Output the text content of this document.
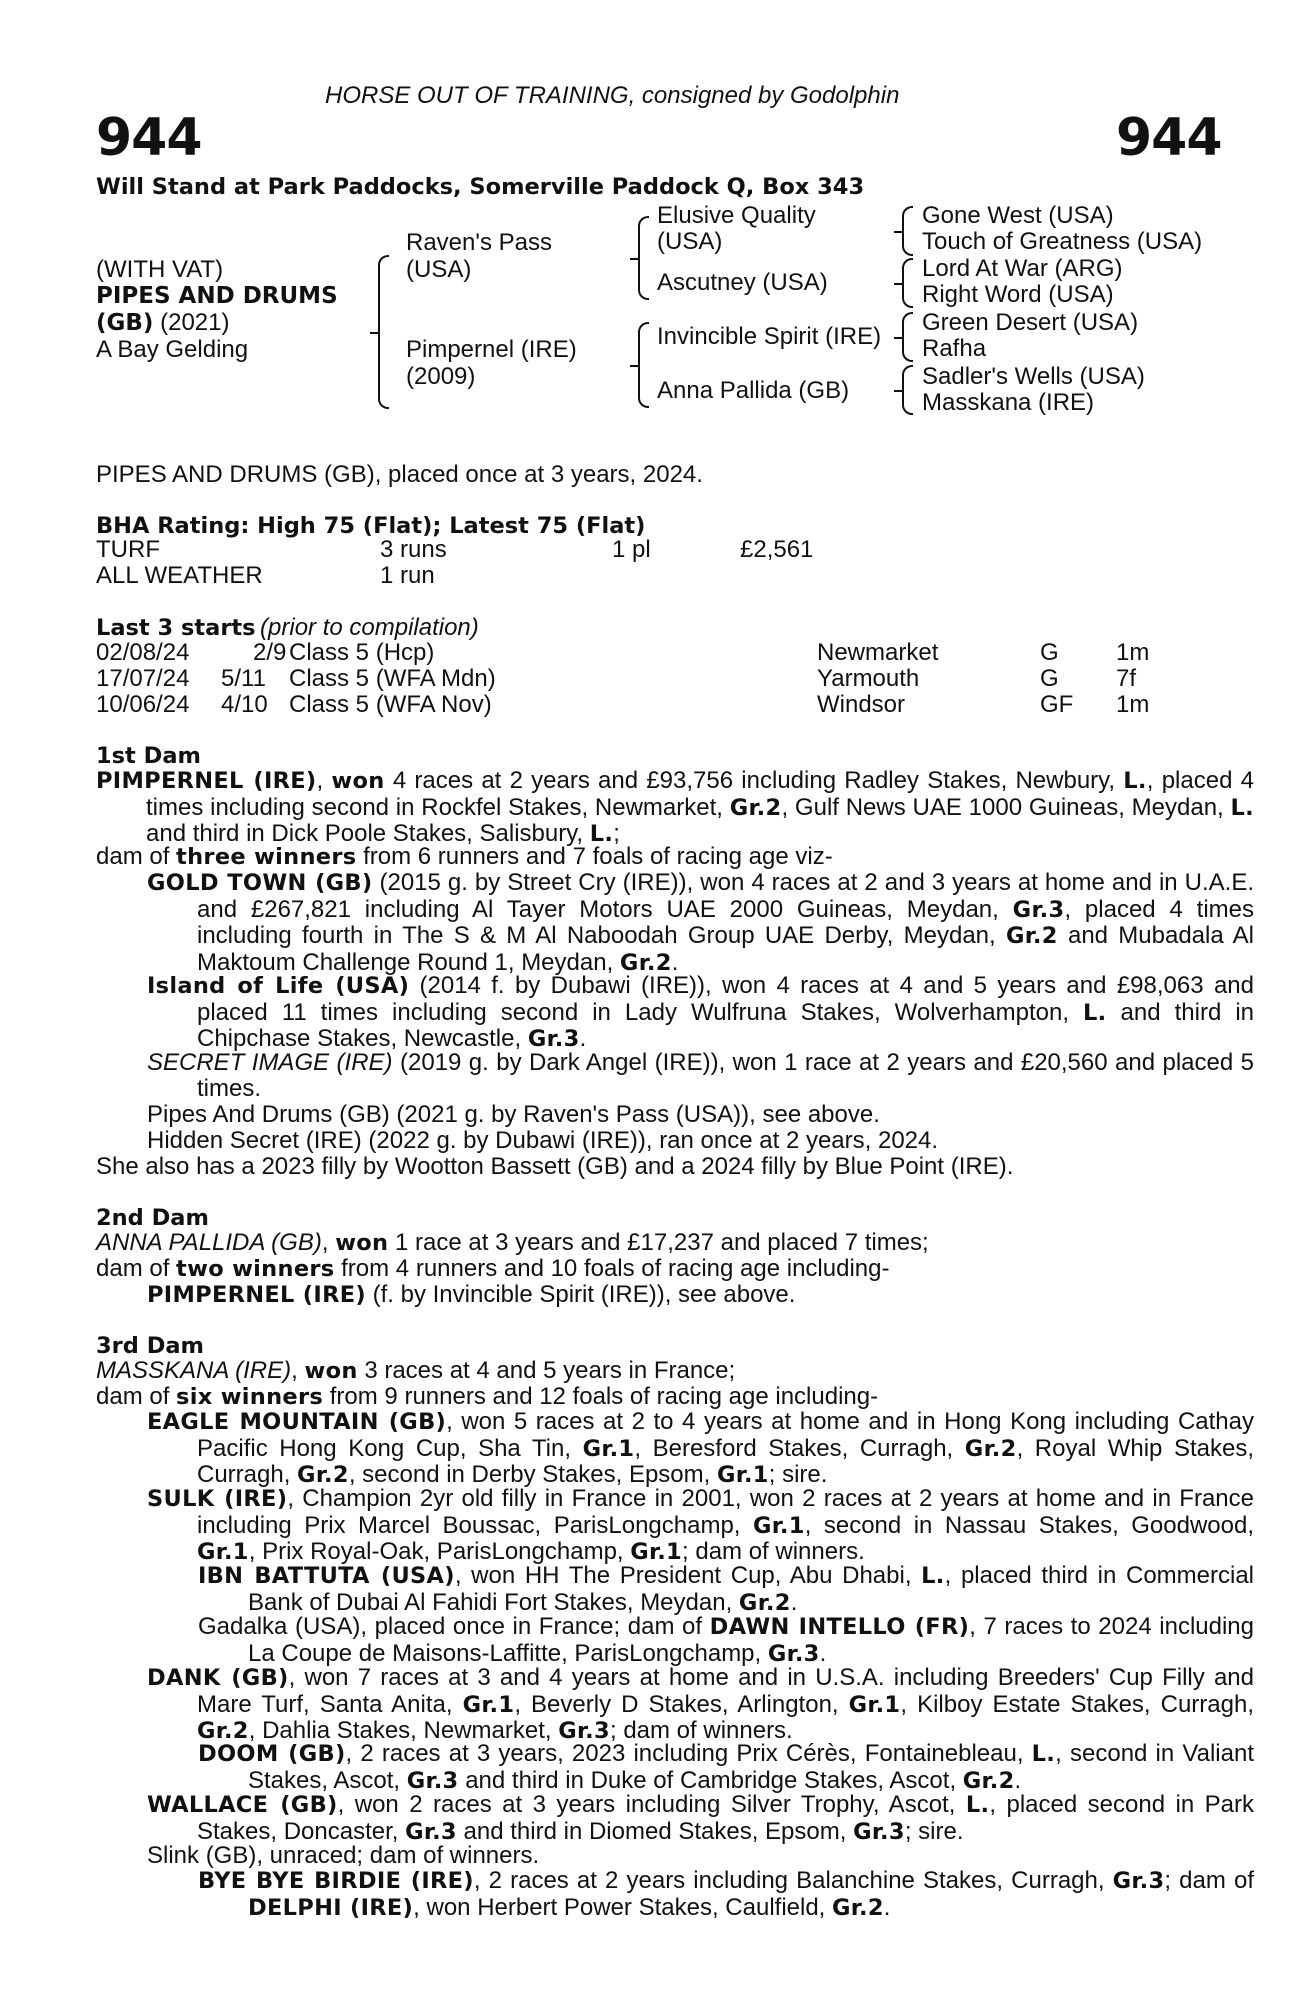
HORSE OUT OF TRAINING, consigned by Godolphin
944	944
Will Stand at Park Paddocks, Somerville Paddock Q, Box 343
(WITH VAT)
PIPES AND DRUMS
(GB) (2021)
A Bay Gelding
Raven's Pass
(USA)
Pimpernel (IRE)
(2009)
Elusive Quality
(USA)
Ascutney (USA)
Invincible Spirit (IRE)
Anna Pallida (GB)
Gone West (USA)
Touch of Greatness (USA)
Lord At War (ARG)
Right Word (USA)
Green Desert (USA)
Rafha
Sadler's Wells (USA)
Masskana (IRE)
PIPES AND DRUMS (GB), placed once at 3 years, 2024.
BHA Rating: High 75 (Flat); Latest 75 (Flat)
TURF	3 runs	1 pl	£2,561
ALL WEATHER	1 run
Last 3 starts (prior to compilation)
02/08/24	2/9 Class 5 (Hcp)	Newmarket	G 1m
17/07/24 5/11 Class 5 (WFA Mdn)	Yarmouth	G 7f
10/06/24 4/10 Class 5 (WFA Nov)	Windsor	GF 1m
1st Dam
PIMPERNEL (IRE), won 4 races at 2 years and £93,756 including Radley Stakes, Newbury, L., placed 4 times including second in Rockfel Stakes, Newmarket, Gr.2, Gulf News UAE 1000 Guineas, Meydan, L. and third in Dick Poole Stakes, Salisbury, L.;
dam of three winners from 6 runners and 7 foals of racing age viz-
GOLD TOWN (GB) (2015 g. by Street Cry (IRE)), won 4 races at 2 and 3 years at home and in U.A.E. and £267,821 including Al Tayer Motors UAE 2000 Guineas, Meydan, Gr.3, placed 4 times including fourth in The S & M Al Naboodah Group UAE Derby, Meydan, Gr.2 and Mubadala Al Maktoum Challenge Round 1, Meydan, Gr.2.
Island of Life (USA) (2014 f. by Dubawi (IRE)), won 4 races at 4 and 5 years and £98,063 and placed 11 times including second in Lady Wulfruna Stakes, Wolverhampton, L. and third in Chipchase Stakes, Newcastle, Gr.3.
SECRET IMAGE (IRE) (2019 g. by Dark Angel (IRE)), won 1 race at 2 years and £20,560 and placed 5 times.
Pipes And Drums (GB) (2021 g. by Raven's Pass (USA)), see above.
Hidden Secret (IRE) (2022 g. by Dubawi (IRE)), ran once at 2 years, 2024.
She also has a 2023 filly by Wootton Bassett (GB) and a 2024 filly by Blue Point (IRE).
2nd Dam
ANNA PALLIDA (GB), won 1 race at 3 years and £17,237 and placed 7 times;
dam of two winners from 4 runners and 10 foals of racing age including-
PIMPERNEL (IRE) (f. by Invincible Spirit (IRE)), see above.
3rd Dam
MASSKANA (IRE), won 3 races at 4 and 5 years in France;
dam of six winners from 9 runners and 12 foals of racing age including-
EAGLE MOUNTAIN (GB), won 5 races at 2 to 4 years at home and in Hong Kong including Cathay Pacific Hong Kong Cup, Sha Tin, Gr.1, Beresford Stakes, Curragh, Gr.2, Royal Whip Stakes, Curragh, Gr.2, second in Derby Stakes, Epsom, Gr.1; sire.
SULK (IRE), Champion 2yr old filly in France in 2001, won 2 races at 2 years at home and in France including Prix Marcel Boussac, ParisLongchamp, Gr.1, second in Nassau Stakes, Goodwood, Gr.1, Prix Royal-Oak, ParisLongchamp, Gr.1; dam of winners.
IBN BATTUTA (USA), won HH The President Cup, Abu Dhabi, L., placed third in Commercial Bank of Dubai Al Fahidi Fort Stakes, Meydan, Gr.2.
Gadalka (USA), placed once in France; dam of DAWN INTELLO (FR), 7 races to 2024 including La Coupe de Maisons-Laffitte, ParisLongchamp, Gr.3.
DANK (GB), won 7 races at 3 and 4 years at home and in U.S.A. including Breeders' Cup Filly and Mare Turf, Santa Anita, Gr.1, Beverly D Stakes, Arlington, Gr.1, Kilboy Estate Stakes, Curragh, Gr.2, Dahlia Stakes, Newmarket, Gr.3; dam of winners.
DOOM (GB), 2 races at 3 years, 2023 including Prix Cérès, Fontainebleau, L., second in Valiant Stakes, Ascot, Gr.3 and third in Duke of Cambridge Stakes, Ascot, Gr.2.
WALLACE (GB), won 2 races at 3 years including Silver Trophy, Ascot, L., placed second in Park Stakes, Doncaster, Gr.3 and third in Diomed Stakes, Epsom, Gr.3; sire.
Slink (GB), unraced; dam of winners.
BYE BYE BIRDIE (IRE), 2 races at 2 years including Balanchine Stakes, Curragh, Gr.3; dam of DELPHI (IRE), won Herbert Power Stakes, Caulfield, Gr.2.
